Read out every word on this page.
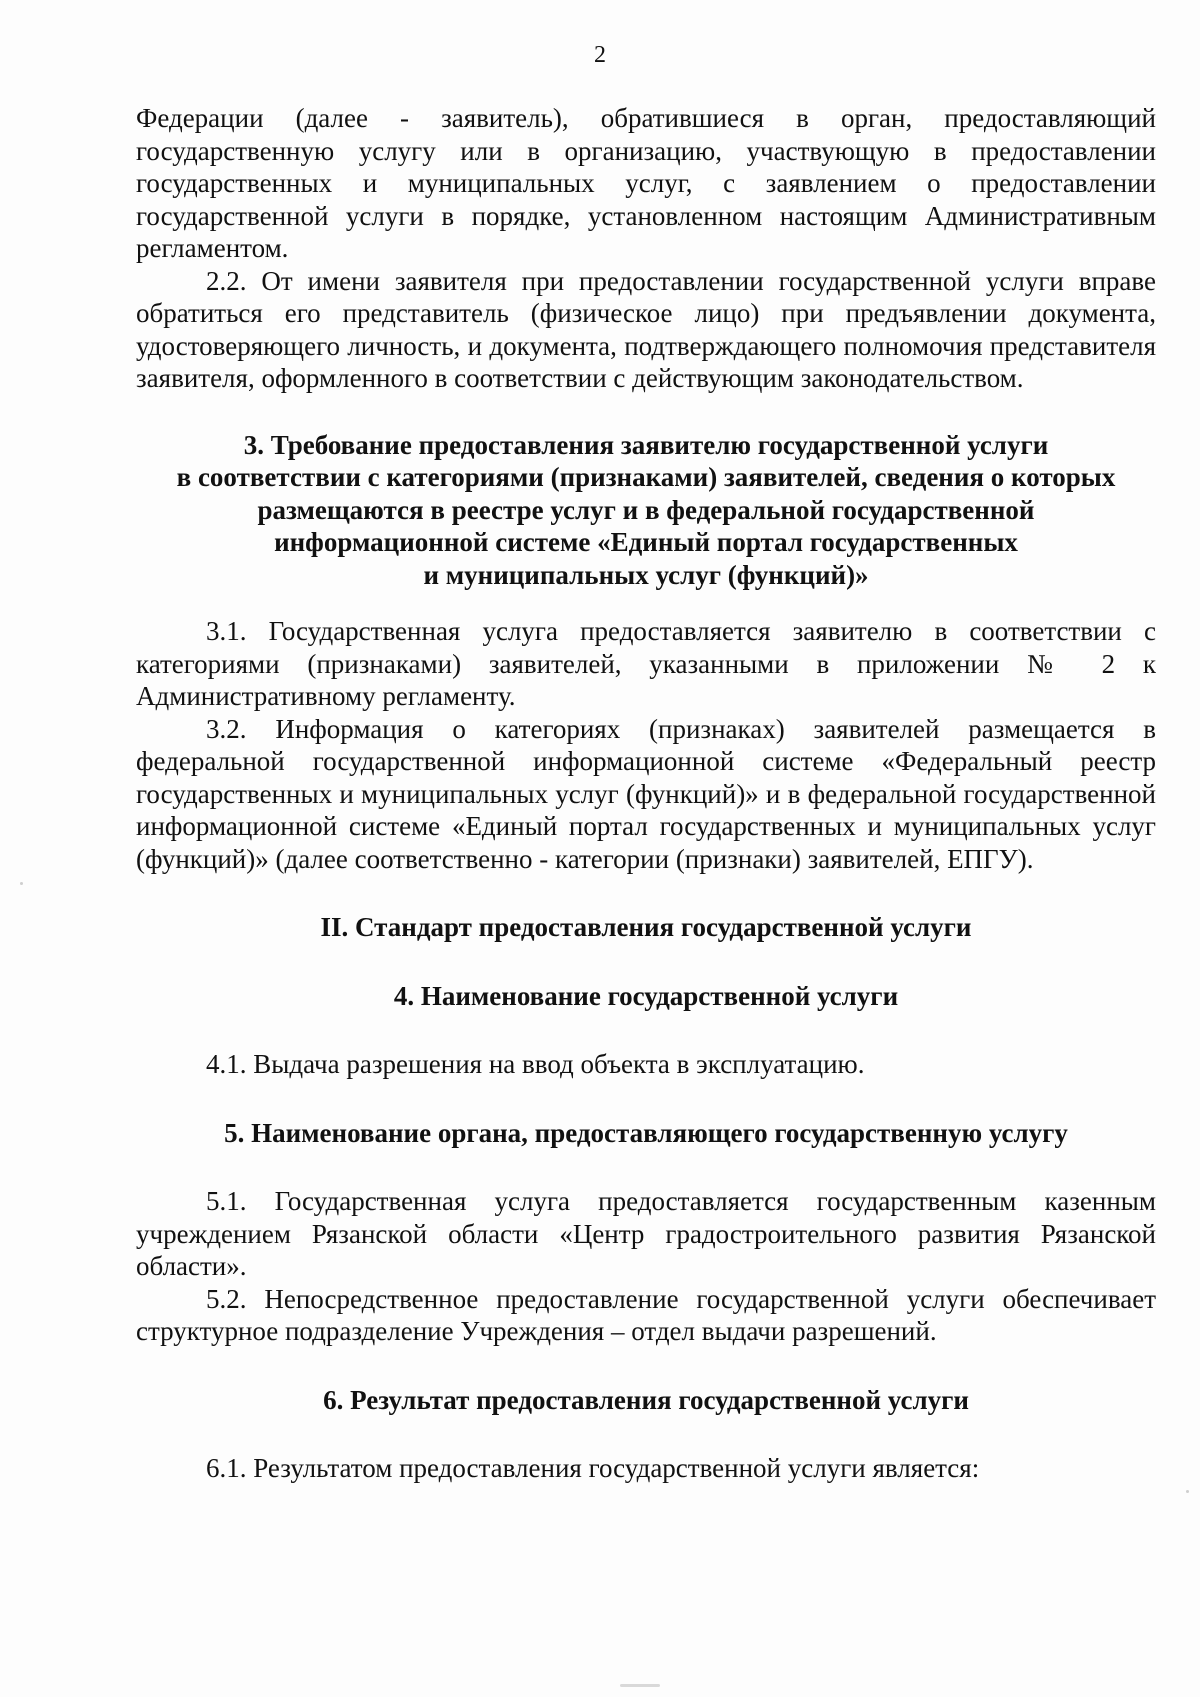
2

Федерации (далее - заявитель), обратившиеся в орган, предоставляющий государственную услугу или в организацию, участвующую в предоставлении государственных и муниципальных услуг, с заявлением о предоставлении государственной услуги в порядке, установленном настоящим Административным регламентом.

2.2. От имени заявителя при предоставлении государственной услуги вправе обратиться его представитель (физическое лицо) при предъявлении документа, удостоверяющего личность, и документа, подтверждающего полномочия представителя заявителя, оформленного в соответствии с действующим законодательством.

3. Требование предоставления заявителю государственной услуги

в соответствии с категориями (признаками) заявителей, сведения о которых

размещаются в реестре услуг и в федеральной государственной

информационной системе «Единый портал государственных

и муниципальных услуг (функций)»

3.1. Государственная услуга предоставляется заявителю в соответствии с категориями (признаками) заявителей, указанными в приложении № 2 к Административному регламенту.

3.2. Информация о категориях (признаках) заявителей размещается в федеральной государственной информационной системе «Федеральный реестр государственных и муниципальных услуг (функций)» и в федеральной государственной информационной системе «Единый портал государственных и муниципальных услуг (функций)» (далее соответственно - категории (признаки) заявителей, ЕПГУ).

II. Стандарт предоставления государственной услуги

4. Наименование государственной услуги

4.1. Выдача разрешения на ввод объекта в эксплуатацию.

5. Наименование органа, предоставляющего государственную услугу

5.1. Государственная услуга предоставляется государственным казенным учреждением Рязанской области «Центр градостроительного развития Рязанской области».

5.2. Непосредственное предоставление государственной услуги обеспечивает структурное подразделение Учреждения – отдел выдачи разрешений.

6. Результат предоставления государственной услуги

6.1. Результатом предоставления государственной услуги является:
